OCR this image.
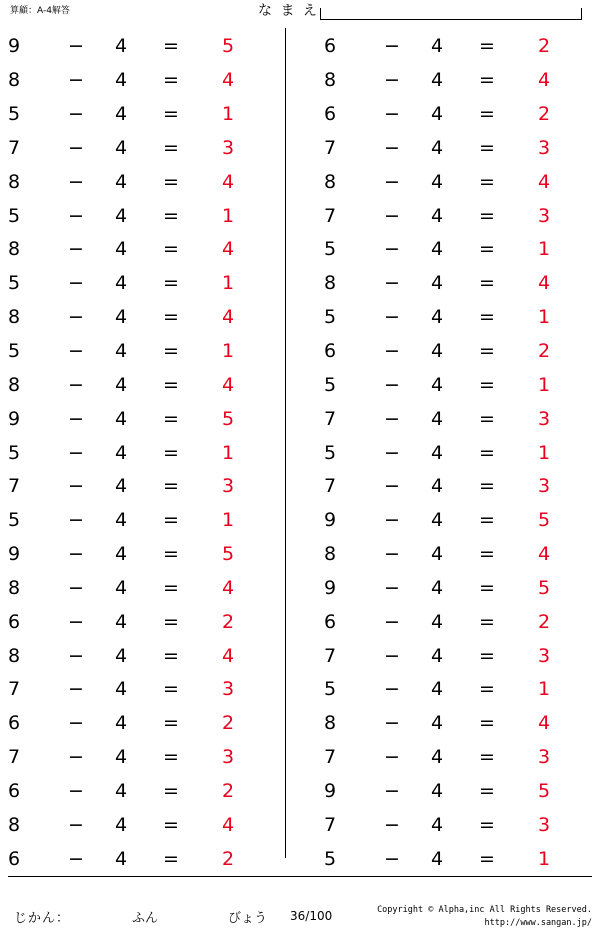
算顧：A-4解答	な ま え
9	−	4	=	5
8	−	4	=	4
5	−	4	=	1
7	−	4	=	3
8	−	4	=	4
5	−	4	=	1
8	−	4	=	4
5	−	4	=	1
8	−	4	=	4
5	−	4	=	1
8	−	4	=	4
9	−	4	=	5
5	−	4	=	1
7	−	4	=	3
5	−	4	=	1
9	−	4	=	5
8	−	4	=	4
6	−	4	=	2
8	−	4	=	4
7	−	4	=	3
6	−	4	=	2
7	−	4	=	3
6	−	4	=	2
8	−	4	=	4
6	−	4	=	2
6	−	4	=	2
8	−	4	=	4
6	−	4	=	2
7	−	4	=	3
8	−	4	=	4
7	−	4	=	3
5	−	4	=	1
8	−	4	=	4
5	−	4	=	1
6	−	4	=	2
5	−	4	=	1
7	−	4	=	3
5	−	4	=	1
7	−	4	=	3
9	−	4	=	5
8	−	4	=	4
9	−	4	=	5
6	−	4	=	2
7	−	4	=	3
5	−	4	=	1
8	−	4	=	4
7	−	4	=	3
9	−	4	=	5
7	−	4	=	3
5	−	4	=	1
じかん：	ふん	びょう 36/100	Copyright © Alpha,inc All Rights Reserved.
http://www.sangan.jp/
